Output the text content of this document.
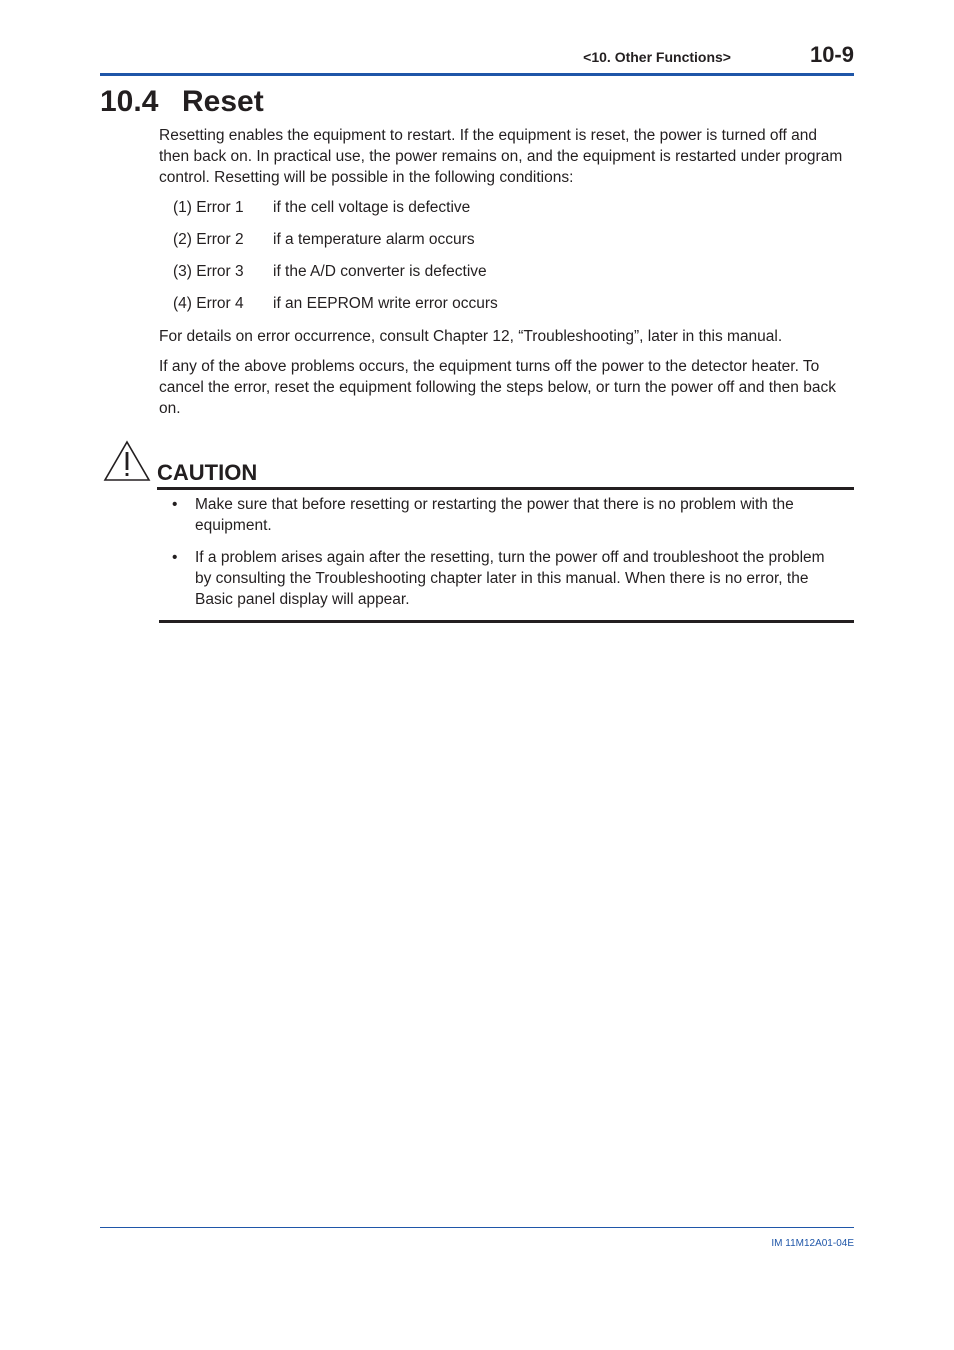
<10. Other Functions>	10-9
10.4 Reset

Resetting enables the equipment to restart. If the equipment is reset, the power is turned off and then back on. In practical use, the power remains on, and the equipment is restarted under program control. Resetting will be possible in the following conditions:

(1) Error 1 if the cell voltage is defective
(2) Error 2 if a temperature alarm occurs
(3) Error 3 if the A/D converter is defective
(4) Error 4 if an EEPROM write error occurs

For details on error occurrence, consult Chapter 12, “Troubleshooting”, later in this manual.

If any of the above problems occurs, the equipment turns off the power to the detector heater. To cancel the error, reset the equipment following the steps below, or turn the power off and then back on.

CAUTION
• Make sure that before resetting or restarting the power that there is no problem with the equipment.
• If a problem arises again after the resetting, turn the power off and troubleshoot the problem by consulting the Troubleshooting chapter later in this manual. When there is no error, the Basic panel display will appear.
IM 11M12A01-04E
